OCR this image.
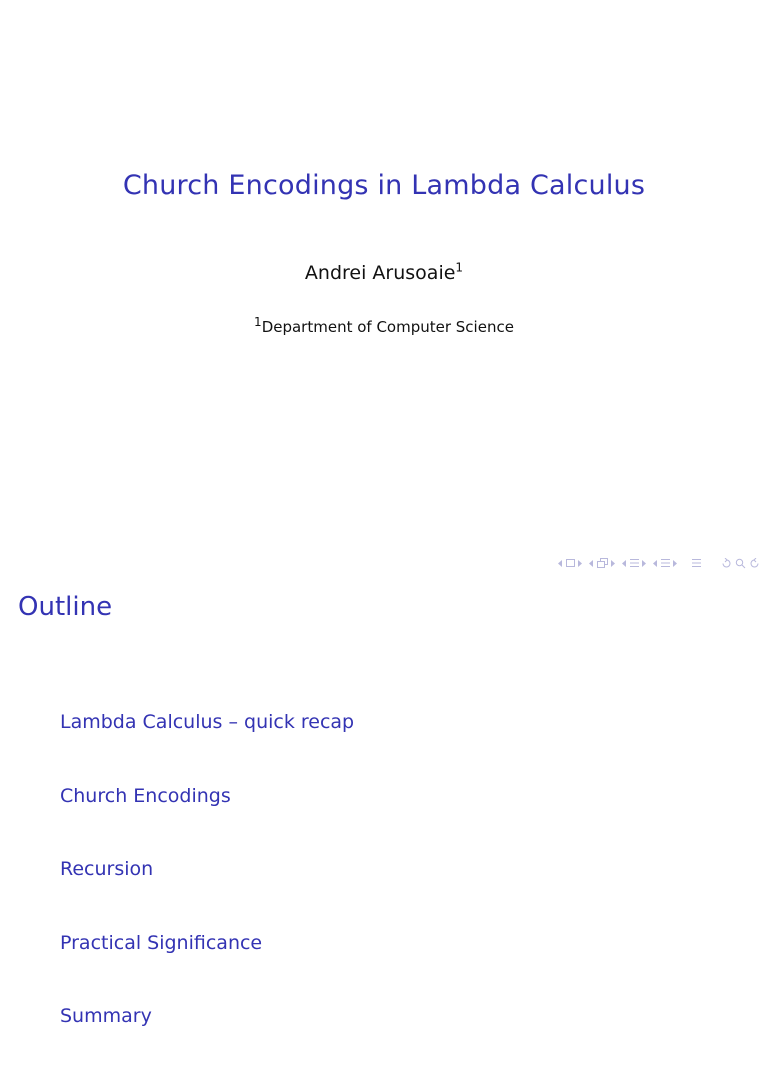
Church Encodings in Lambda Calculus
Andrei Arusoaie$^1$
$^1$Department of Computer Science
Outline
Lambda Calculus – quick recap
Church Encodings
Recursion
Practical Significance
Summary
